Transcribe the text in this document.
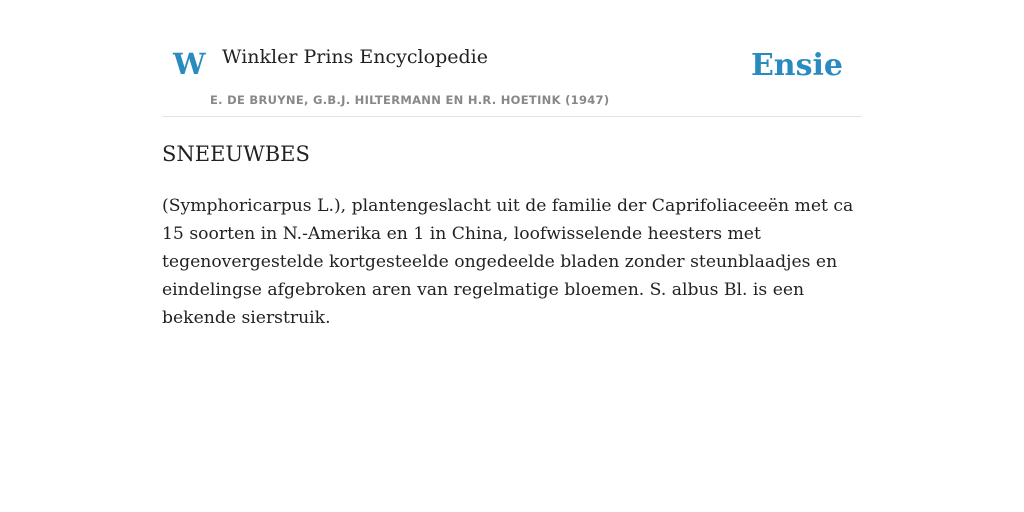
W Winkler Prins Encyclopedie
E. DE BRUYNE, G.B.J. HILTERMANN EN H.R. HOETINK (1947)
Ensie
SNEEUWBES

(Symphoricarpus L.), plantengeslacht uit de familie der Caprifoliaceeën met ca 15 soorten in N.-Amerika en 1 in China, loofwisselende heesters met tegenovergestelde kortgesteelde ongedeelde bladen zonder steunblaadjes en eindelingse afgebroken aren van regelmatige bloemen. S. albus Bl. is een bekende sierstruik.
